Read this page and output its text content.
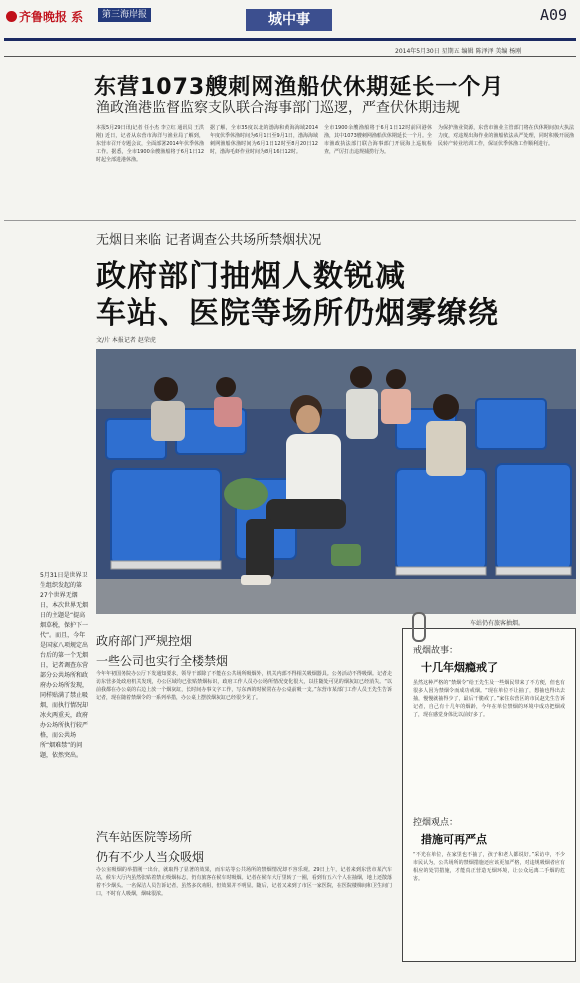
齐鲁晚报 系	第三海岸报	城中事	A09
2014年5月30日 星期五 编辑 陈泽泽 美编 杨刚
东营1073艘刺网渔船伏休期延长一个月
渔政渔港监督监察支队联合海事部门巡逻，严查伏休期违规
本报5月29日讯(记者 任小杰 李立红 通讯员 王洪刚) 近日，记者从东营市海洋与渔业局了解到，东营市召开专题会议，全面部署2014年伏季休渔工作。据悉，全市1900余艘渔船将于6月1日12时起全部进港休渔。
据了解，全市35度以北的渤海和黄海海域2014年度伏季休渔时间为6月1日至9月1日，渤海海域刺网渔船休渔时间为6月1日12时至8月20日12时，渤海毛虾作业时间为8月16日12时。
全市1900余艘渔船将于6月1日12时前回港休渔，其中1073艘刺网渔船伏休期延长一个月。全市渔政执法部门联合海事部门开展海上巡航检查，严厉打击违规捕捞行为。
为保护渔业资源，东营市渔业主管部门将在伏休期间加大执法力度，对违规出海作业的渔船依法从严处理，同时积极开展渔民转产转业培训工作，保证伏季休渔工作顺利进行。
无烟日来临 记者调查公共场所禁烟状况
政府部门抽烟人数锐减
车站、医院等场所仍烟雾缭绕
文/片 本报记者 赵荣虎
车站仍有旅客抽烟。
5月31日是世界卫生组织发起的第27个世界无烟日，本次世界无烟日的主题是“提高烟草税，保护下一代”。而且，今年是国家八项规定出台后的第一个无烟日，记者调查东营部分公共场所和政府办公场所发现，同样贴满了禁止吸烟，而执行情况却冰火两重天，政府办公场所执行较严格，而公共场所“烟难禁”的问题，依然突出。
政府部门严规控烟
一些公司也实行全楼禁烟
今年年初国务院办公厅下发通知要求，领导干部除了不能在公共场所吸烟外，机关内部不得相关吸烟器具。公务活动不得吸烟。记者走访东营多处政府机关发现，办公区域均已张贴禁烟标识，政府工作人员办公场所情况变化很大，以往随处可见的烟灰缸已经消失。“以前我都在办公桌的右边上放一个烟灰缸，长时间办事文字工作，写东西的时候常在办公桌前吸一支。”东营市某部门工作人员王先生告诉记者，现在随着禁烟令的一系列举措，办公桌上摆放烟灰缸已经很少见了。
汽车站医院等场所
仍有不少人当众吸烟
办公室吸烟的举措刚一出台，就取得了显著的效果，而车站等公共场所的禁烟情况却不容乐观。29日上午，记者来到东营市某汽车站，候车大厅内虽然张贴着禁止吸烟标志，仍有旅客在候车时吸烟。记者在候车大厅里转了一圈，看到有五六个人在抽烟，地上还散落着不少烟头。一名保洁人员告诉记者，虽然多次劝阻，但效果并不明显。随后，记者又来到了市区一家医院，在医院楼梯间和卫生间门口，不时有人吸烟，烟味很浓。
戒烟故事：
十几年烟瘾戒了
虽然这种严格的“禁烟令”给王先生及一些烟民带来了不方便，但也有很多人因为禁烟令而成功戒烟。“现在单位不让抽了，想抽也得出去抽，慢慢就抽得少了，最后干脆戒了。”家住东营区的市民赵先生告诉记者，自己有十几年的烟龄，今年在单位禁烟的环境中成功把烟戒了，现在感觉身体比以前好多了。
控烟观点：
措施可再严点
“不光在单位，在家里也不抽了，孩子和老人都说好。”采访中，不少市民认为，公共场所的禁烟措施还应该更加严格，对违规吸烟者应有相应的处罚措施，才能真正营造无烟环境，让公众远离二手烟的危害。
